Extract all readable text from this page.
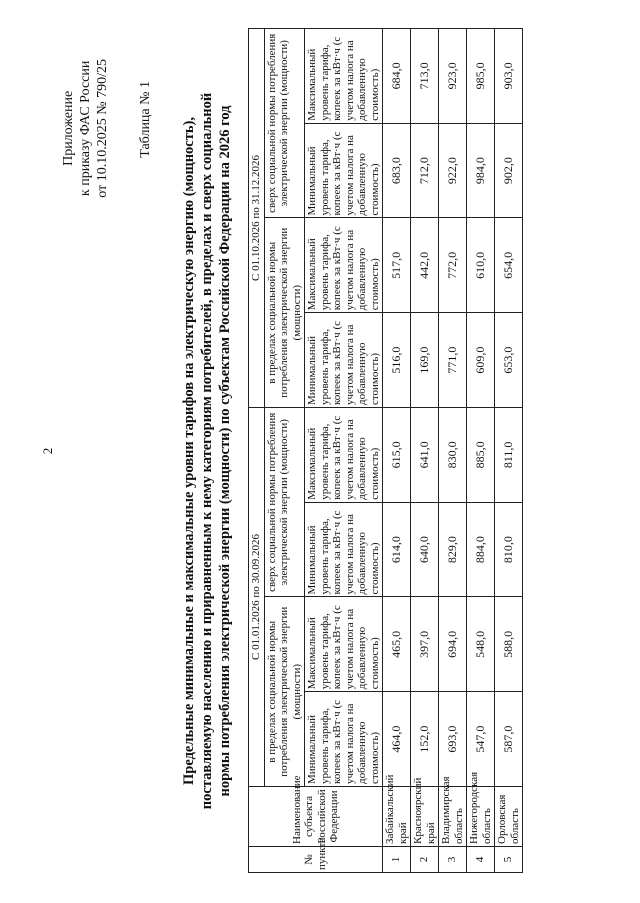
2
Приложение к приказу ФАС России от 10.10.2025 № 790/25 Таблица № 1 Предельные минимальные и максимальные уровни тарифов на электрическую энергию (мощность), поставляемую населению и приравненным к нему категориям потребителей, в пределах и сверх социальной нормы потребления электрической энергии (мощности) по субъектам Российской Федерации на 2026 год
№ пункта	Наименование субъекта Российской Федерации	С 01.01.2026 по 30.09.2026				С 01.10.2026 по 31.12.2026			
		в пределах социальной нормы потребления электрической энергии (мощности)		сверх социальной нормы потребления электрической энергии (мощности)		в пределах социальной нормы потребления электрической энергии (мощности)		сверх социальной нормы потребления электрической энергии (мощности)	
		Минимальный уровень тарифа, копеек за кВт·ч (с учетом налога на добавленную стоимость)	Максимальный уровень тарифа, копеек за кВт·ч (с учетом налога на добавленную стоимость)	Минимальный уровень тарифа, копеек за кВт·ч (с учетом налога на добавленную стоимость)	Максимальный уровень тарифа, копеек за кВт·ч (с учетом налога на добавленную стоимость)	Минимальный уровень тарифа, копеек за кВт·ч (с учетом налога на добавленную стоимость)	Максимальный уровень тарифа, копеек за кВт·ч (с учетом налога на добавленную стоимость)	Минимальный уровень тарифа, копеек за кВт·ч (с учетом налога на добавленную стоимость)	Максимальный уровень тарифа, копеек за кВт·ч (с учетом налога на добавленную стоимость)
1	Забайкальский край	464,0	465,0	614,0	615,0	516,0	517,0	683,0	684,0
2	Красноярский край	152,0	397,0	640,0	641,0	169,0	442,0	712,0	713,0
3	Владимирская область	693,0	694,0	829,0	830,0	771,0	772,0	922,0	923,0
4	Нижегородская область	547,0	548,0	884,0	885,0	609,0	610,0	984,0	985,0
5	Орловская область	587,0	588,0	810,0	811,0	653,0	654,0	902,0	903,0
